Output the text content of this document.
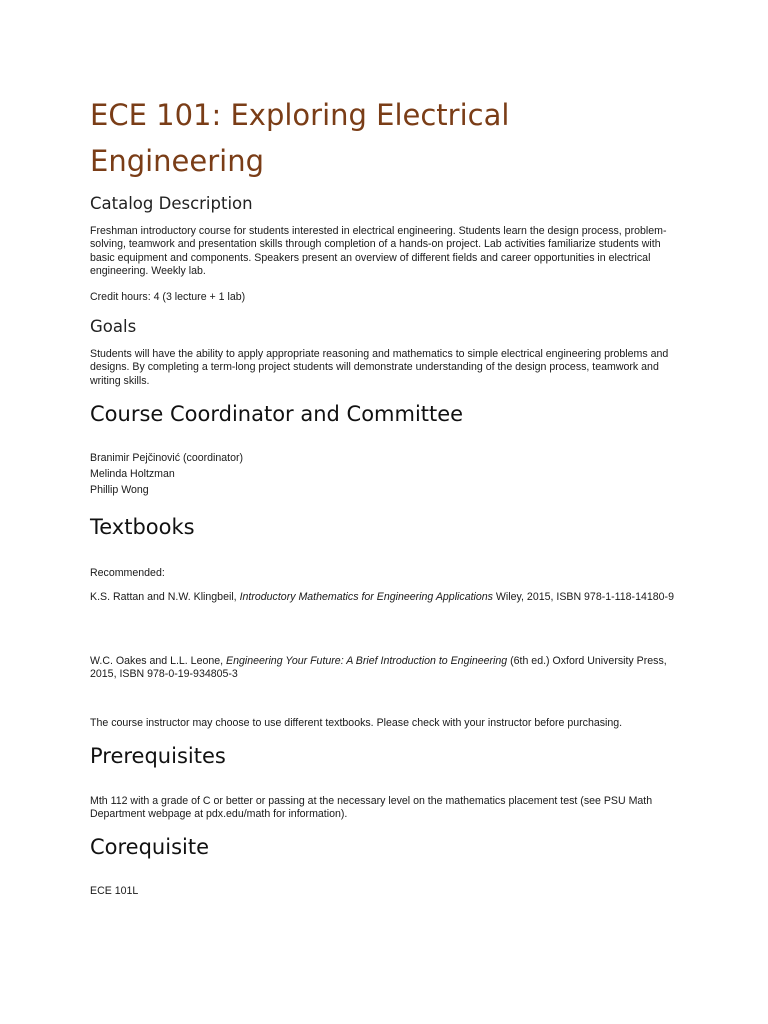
ECE 101: Exploring Electrical Engineering
Catalog Description

Freshman introductory course for students interested in electrical engineering. Students learn the design process, problem-solving, teamwork and presentation skills through completion of a hands-on project. Lab activities familiarize students with basic equipment and components. Speakers present an overview of different fields and career opportunities in electrical engineering. Weekly lab.

Credit hours: 4 (3 lecture + 1 lab)

Goals

Students will have the ability to apply appropriate reasoning and mathematics to simple electrical engineering problems and designs. By completing a term-long project students will demonstrate understanding of the design process, teamwork and writing skills.

Course Coordinator and Committee

Branimir Pejčinović (coordinator)

Melinda Holtzman

Phillip Wong

Textbooks

Recommended:

K.S. Rattan and N.W. Klingbeil, Introductory Mathematics for Engineering Applications Wiley, 2015, ISBN 978-1-118-14180-9

W.C. Oakes and L.L. Leone, Engineering Your Future: A Brief Introduction to Engineering (6th ed.) Oxford University Press, 2015, ISBN 978-0-19-934805-3

The course instructor may choose to use different textbooks. Please check with your instructor before purchasing.

Prerequisites

Mth 112 with a grade of C or better or passing at the necessary level on the mathematics placement test (see PSU Math Department webpage at pdx.edu/math for information).

Corequisite

ECE 101L
